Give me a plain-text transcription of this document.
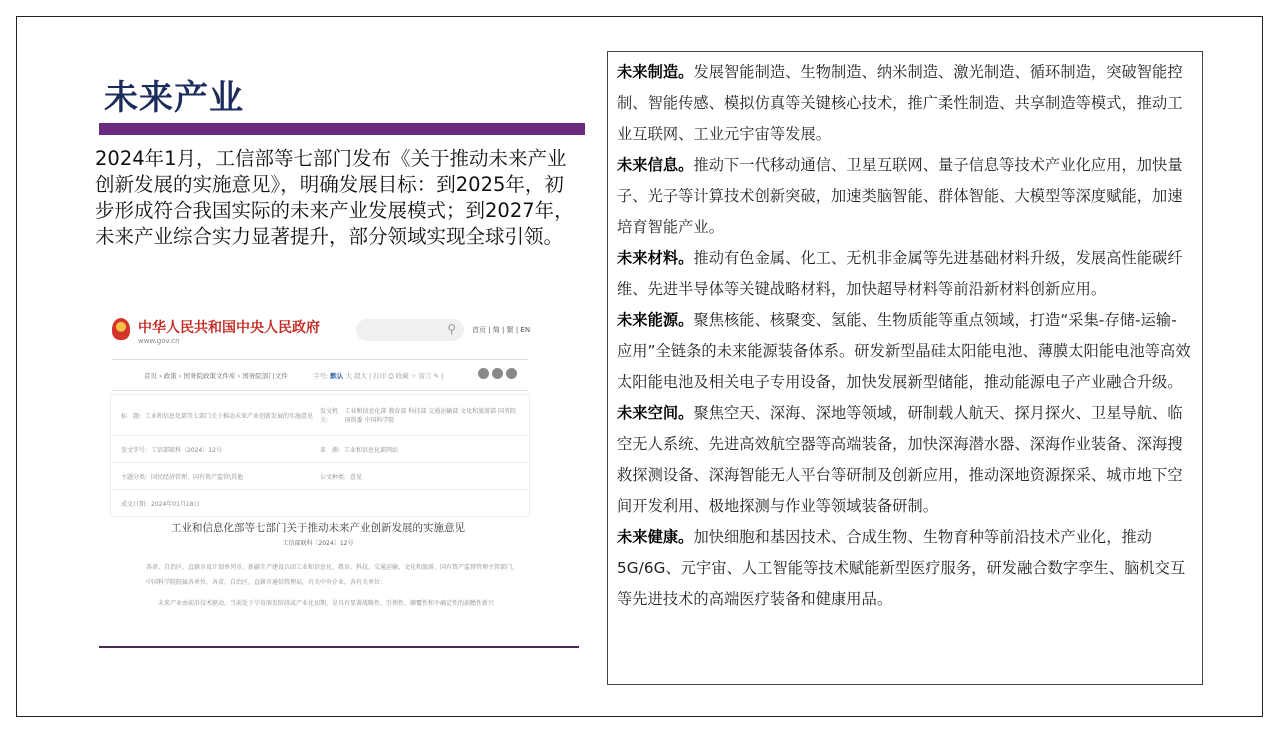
未来产业

2024年1月，工信部等七部门发布《关于推动未来产业创新发展的实施意见》，明确发展目标：到2025年，初步形成符合我国实际的未来产业发展模式；到2027年，未来产业综合实力显著提升，部分领域实现全球引领。

中华人民共和国中央人民政府
www.gov.cn
⚲ 首页 | 简 | 繁 | EN
首页 › 政策 › 国务院政策文件库 › 国务院部门文件	字号: 默认 大 超大 | 打印 ⎙ 收藏 ☆ 留言 ✎ |
标　题: 工业和信息化部等七部门关于推动未来产业创新发展的实施意见
发文机关:
工业和信息化部 教育部 科技部 交通运输部 文化和旅游部 国务院国资委 中国科学院
发文字号: 工信部联科〔2024〕12号	来　源: 工业和信息化部网站
主题分类: 国民经济管理、国有资产监管\其他	公文种类: 意见
成文日期: 2024年01月18日
工业和信息化部等七部门关于推动未来产业创新发展的实施意见
工信部联科〔2024〕12号

各省、自治区、直辖市及计划单列市、新疆生产建设兵团工业和信息化、教育、科技、交通运输、文化和旅游、国有资产监督管理主管部门，中国科学院院属各单位，各省、自治区、直辖市通信管理局，有关中央企业，各有关单位：

未来产业由前沿技术驱动，当前处于孕育萌发阶段或产业化初期，是具有显著战略性、引领性、颠覆性和不确定性的前瞻性新兴

未来制造。发展智能制造、生物制造、纳米制造、激光制造、循环制造，突破智能控制、智能传感、模拟仿真等关键核心技术，推广柔性制造、共享制造等模式，推动工业互联网、工业元宇宙等发展。

未来信息。推动下一代移动通信、卫星互联网、量子信息等技术产业化应用，加快量子、光子等计算技术创新突破，加速类脑智能、群体智能、大模型等深度赋能，加速培育智能产业。

未来材料。推动有色金属、化工、无机非金属等先进基础材料升级，发展高性能碳纤维、先进半导体等关键战略材料，加快超导材料等前沿新材料创新应用。

未来能源。聚焦核能、核聚变、氢能、生物质能等重点领域，打造“采集-存储-运输-应用”全链条的未来能源装备体系。研发新型晶硅太阳能电池、薄膜太阳能电池等高效太阳能电池及相关电子专用设备，加快发展新型储能，推动能源电子产业融合升级。

未来空间。聚焦空天、深海、深地等领域，研制载人航天、探月探火、卫星导航、临空无人系统、先进高效航空器等高端装备，加快深海潜水器、深海作业装备、深海搜救探测设备、深海智能无人平台等研制及创新应用，推动深地资源探采、城市地下空间开发利用、极地探测与作业等领域装备研制。

未来健康。加快细胞和基因技术、合成生物、生物育种等前沿技术产业化，推动5G/6G、元宇宙、人工智能等技术赋能新型医疗服务，研发融合数字孪生、脑机交互等先进技术的高端医疗装备和健康用品。
